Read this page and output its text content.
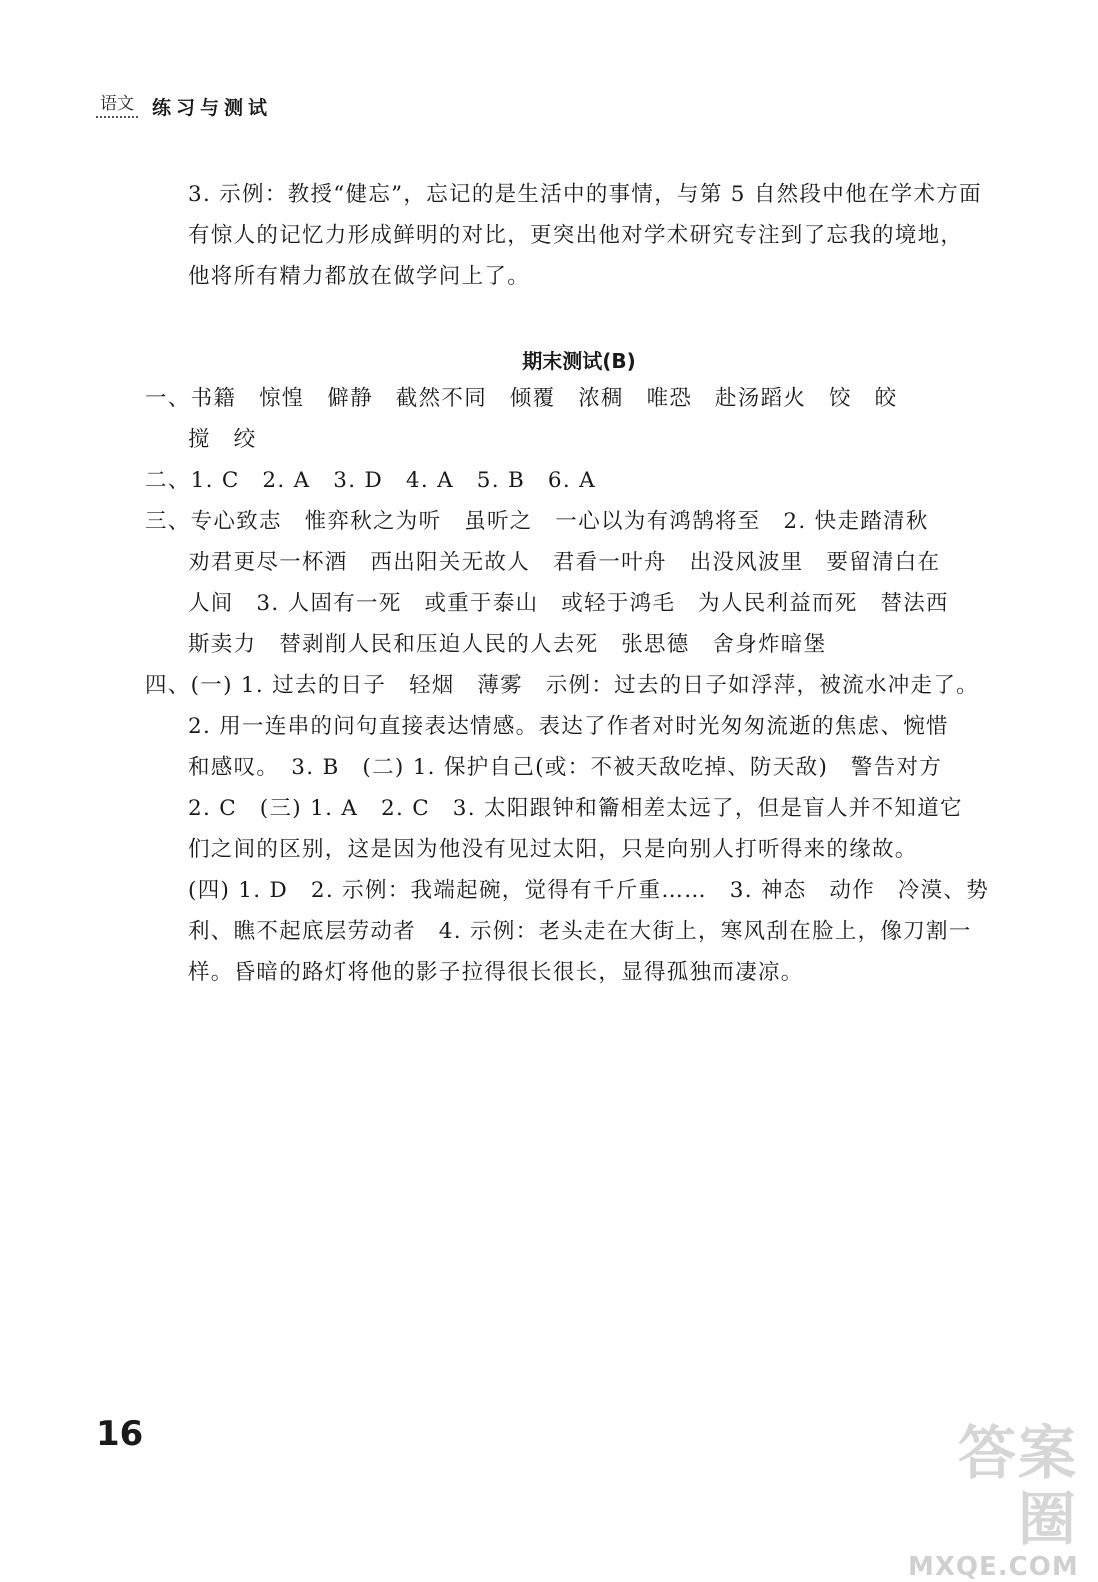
语文 练习与测试
3. 示例：教授“健忘”，忘记的是生活中的事情，与第 5 自然段中他在学术方面
有惊人的记忆力形成鲜明的对比，更突出他对学术研究专注到了忘我的境地，
他将所有精力都放在做学问上了。
期末测试(B)
一、书籍　惊惶　僻静　截然不同　倾覆　浓稠　唯恐　赴汤蹈火　饺　皎
搅　绞
二、1. C　2. A　3. D　4. A　5. B　6. A
三、专心致志　惟弈秋之为听　虽听之　一心以为有鸿鹄将至　2. 快走踏清秋
劝君更尽一杯酒　西出阳关无故人　君看一叶舟　出没风波里　要留清白在
人间　3. 人固有一死　或重于泰山　或轻于鸿毛　为人民利益而死　替法西
斯卖力　替剥削人民和压迫人民的人去死　张思德　舍身炸暗堡
四、(一) 1. 过去的日子　轻烟　薄雾　示例：过去的日子如浮萍，被流水冲走了。
2. 用一连串的问句直接表达情感。表达了作者对时光匆匆流逝的焦虑、惋惜
和感叹。　3. B　(二) 1. 保护自己(或：不被天敌吃掉、防天敌)　警告对方
2. C　(三) 1. A　2. C　3. 太阳跟钟和籥相差太远了，但是盲人并不知道它
们之间的区别，这是因为他没有见过太阳，只是向别人打听得来的缘故。
(四) 1. D　2. 示例：我端起碗，觉得有千斤重……　3. 神态　动作　冷漠、势
利、瞧不起底层劳动者　4. 示例：老头走在大街上，寒风刮在脸上，像刀割一
样。昏暗的路灯将他的影子拉得很长很长，显得孤独而凄凉。
16	答案圈
MXQE.COM
